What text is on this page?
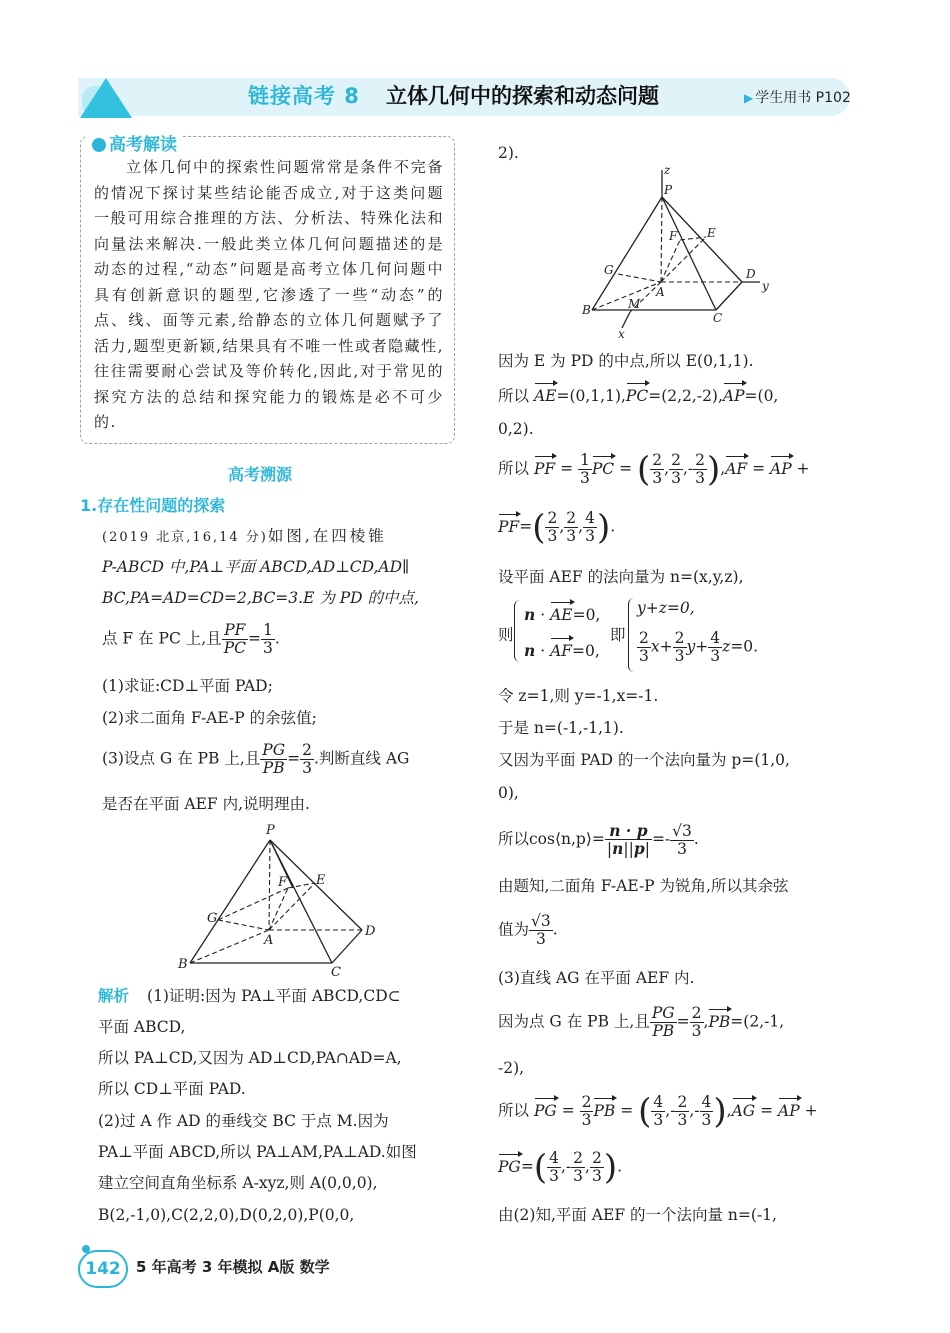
链接高考 8 立体几何中的探索和动态问题	▶ 学生用书 P102
高考解读
立体几何中的探索性问题常常是条件不完备的情况下探讨某些结论能否成立,对于这类问题一般可用综合推理的方法、分析法、特殊化法和向量法来解决.一般此类立体几何问题描述的是动态的过程,“动态”问题是高考立体几何问题中具有创新意识的题型,它渗透了一些“动态”的点、线、面等元素,给静态的立体几何题赋予了活力,题型更新颖,结果具有不唯一性或者隐藏性,往往需要耐心尝试及等价转化,因此,对于常见的探究方法的总结和探究能力的锻炼是必不可少的.
高考溯源
1.存在性问题的探索
(2019 北京,16,14 分)如图,在四棱锥
P-ABCD 中,PA⊥平面 ABCD,AD⊥CD,AD∥
BC,PA=AD=CD=2,BC=3.E 为 PD 的中点,
点 F 在 PC 上,且 $\frac{PF}{PC} = \frac{1}{3}$ .
(1)求证:CD⊥平面 PAD;
(2)求二面角 F-AE-P 的余弦值;
(3)设点 G 在 PB 上,且 $\frac{PG}{PB} = \frac{2}{3}$ .判断直线 AG
是否在平面 AEF 内,说明理由.
P
A
B
C
D
E
F
G
解析 (1)证明:因为 PA⊥平面 ABCD,CD⊂
平面 ABCD,
所以 PA⊥CD,又因为 AD⊥CD,PA∩AD=A,
所以 CD⊥平面 PAD.
(2)过 A 作 AD 的垂线交 BC 于点 M.因为
PA⊥平面 ABCD,所以 PA⊥AM,PA⊥AD.如图
建立空间直角坐标系 A-xyz,则 A(0,0,0),
B(2,-1,0),C(2,2,0),D(0,2,0),P(0,0,
2).
z
P
A
B
C
D
E
F
G
M
y
x
因为 E 为 PD 的中点,所以 E(0,1,1).
所以 AE=(0,1,1),PC=(2,2,-2),AP=(0,
0,2).
所以 PF = $\frac{1}{3}$ PC = ( $\frac{2}{3}$ , $\frac{2}{3}$ ,- $\frac{2}{3} ),AF$ = AP +
$PF=( \frac{2}{3}$ , $\frac{2}{3}$ , $\frac{4}{3}$ ).
设平面 AEF 的法向量为 n=(x,y,z),
则
n · AE=0,
n · AF=0,
即
y+z=0,
$\frac{2}{3} x+ \frac{2}{3} y+ \frac{4}{3} z=0$.
令 z=1,则 y=-1,x=-1.
于是 n=(-1,-1,1).
又因为平面 PAD 的一个法向量为 p=(1,0,
0),
所以cos⟨n,p⟩= $\frac{n \cdot p}{|n||p|} =- \frac{√3}{3}$ .
由题知,二面角 F-AE-P 为锐角,所以其余弦
值为 $\frac{√3}{3}$ .
(3)直线 AG 在平面 AEF 内.
因为点 G 在 PB 上,且 $\frac{PG}{PB} = \frac{2}{3} ,PB=(2,-1$,
-2),
所以 PG = $\frac{2}{3}$ PB = ( $\frac{4}{3}$ ,- $\frac{2}{3}$ ,- $\frac{4}{3} ),AG$ = AP +
$PG=( \frac{4}{3}$ ,- $\frac{2}{3}$ , $\frac{2}{3}$ ).
由(2)知,平面 AEF 的一个法向量 n=(-1,
142	5 年高考 3 年模拟 A版 数学
